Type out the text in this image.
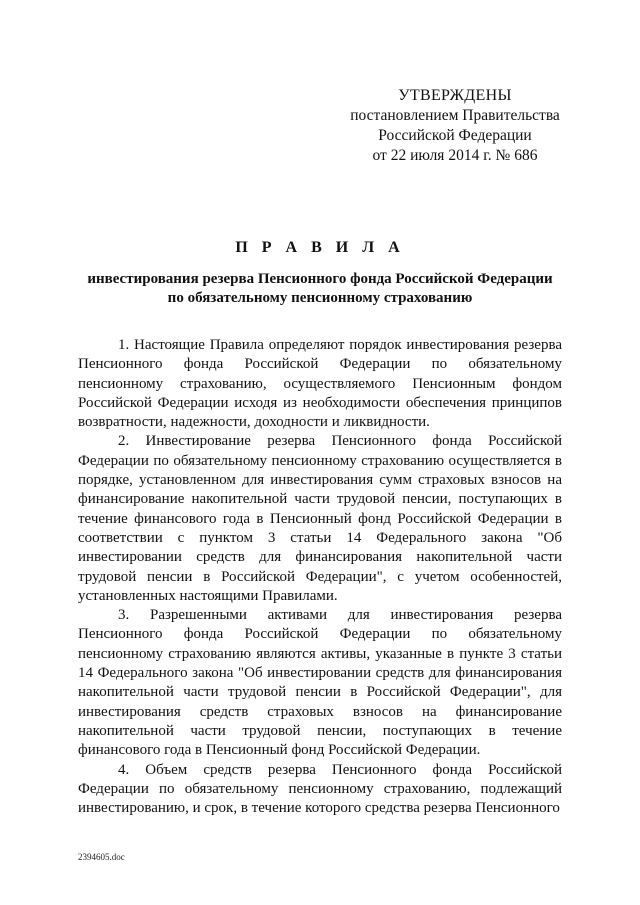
УТВЕРЖДЕНЫ
постановлением Правительства
Российской Федерации
от 22 июля 2014 г. № 686
П Р А В И Л А
инвестирования резерва Пенсионного фонда Российской Федерации
по обязательному пенсионному страхованию

1. Настоящие Правила определяют порядок инвестирования резерва Пенсионного фонда Российской Федерации по обязательному пенсионному страхованию, осуществляемого Пенсионным фондом Российской Федерации исходя из необходимости обеспечения принципов возвратности, надежности, доходности и ликвидности.

2. Инвестирование резерва Пенсионного фонда Российской Федерации по обязательному пенсионному страхованию осуществляется в порядке, установленном для инвестирования сумм страховых взносов на финансирование накопительной части трудовой пенсии, поступающих в течение финансового года в Пенсионный фонд Российской Федерации в соответствии с пунктом 3 статьи 14 Федерального закона "Об инвестировании средств для финансирования накопительной части трудовой пенсии в Российской Федерации", с учетом особенностей, установленных настоящими Правилами.

3. Разрешенными активами для инвестирования резерва Пенсионного фонда Российской Федерации по обязательному пенсионному страхованию являются активы, указанные в пункте 3 статьи 14 Федерального закона "Об инвестировании средств для финансирования накопительной части трудовой пенсии в Российской Федерации", для инвестирования средств страховых взносов на финансирование накопительной части трудовой пенсии, поступающих в течение финансового года в Пенсионный фонд Российской Федерации.

4. Объем средств резерва Пенсионного фонда Российской Федерации по обязательному пенсионному страхованию, подлежащий инвестированию, и срок, в течение которого средства резерва Пенсионного

2394605.doc
